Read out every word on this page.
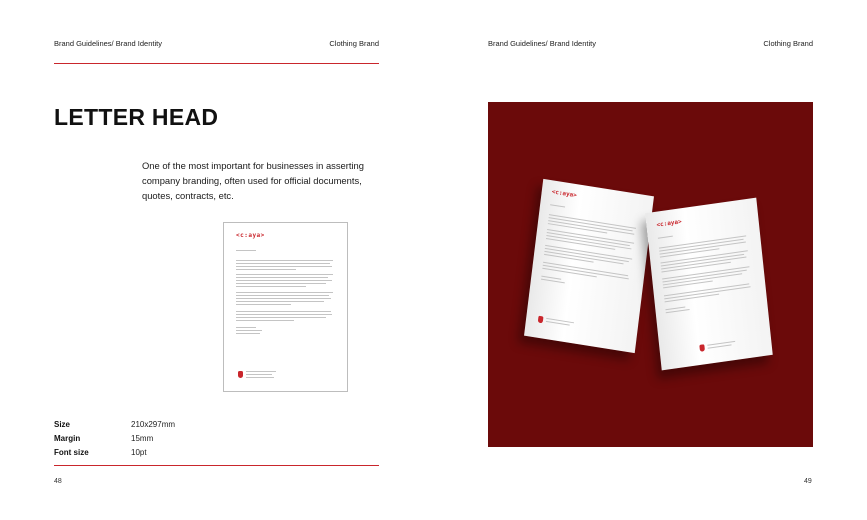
Brand Guidelines/ Brand Identity	Clothing Brand
LETTER HEAD
One of the most important for businesses in asserting company branding, often used for official documents, quotes, contracts, etc.
<c:aya>
Size	210x297mm
Margin	15mm
Font size	10pt
48
Brand Guidelines/ Brand Identity	Clothing Brand
<c:aya>
<c:aya>
49
